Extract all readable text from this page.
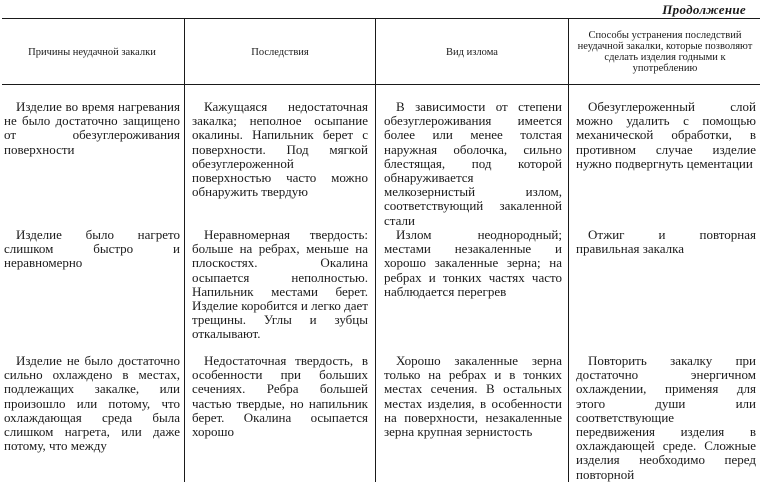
Продолжение
Причины неудачной закалки	Последствия	Вид излома
Способы устранения последствий неудачной закалки, которые позволяют сделать изделия годными к употреблению

Изделие во время нагревания не было достаточно защищено от обезуглероживания поверхности

Кажущаяся недостаточная закалка; неполное осыпание окалины. Напильник берет с поверхности. Под мягкой обезуглероженной поверхностью часто можно обнаружить твердую

В зависимости от степени обезуглероживания имеется более или менее толстая наружная оболочка, сильно блестящая, под которой обнаруживается мелкозернистый излом, соответствующий закаленной стали

Обезуглероженный слой можно удалить с помощью механической обработки, в противном случае изделие нужно подвергнуть цементации

Изделие было нагрето слишком быстро и неравномерно

Неравномерная твердость: больше на ребрах, меньше на плоскостях. Окалина осыпается неполностью. Напильник местами берет. Изделие коробится и легко дает трещины. Углы и зубцы откалывают.

Излом неоднородный; местами незакаленные и хорошо закаленные зерна; на ребрах и тонких частях часто наблюдается перегрев

Отжиг и повторная правильная закалка

Изделие не было достаточно сильно охлаждено в местах, подлежащих закалке, или произошло или потому, что охлаждающая среда была слишком нагрета, или даже потому, что между

Недостаточная твердость, в особенности при больших сечениях. Ребра большей частью твердые, но напильник берет. Окалина осыпается хорошо

Хорошо закаленные зерна только на ребрах и в тонких местах сечения. В остальных местах изделия, в особенности на поверхности, незакаленные зерна крупная зернистость

Повторить закалку при достаточно энергичном охлаждении, применяя для этого души или соответствующие передвижения изделия в охлаждающей среде. Сложные изделия необходимо перед повторной
